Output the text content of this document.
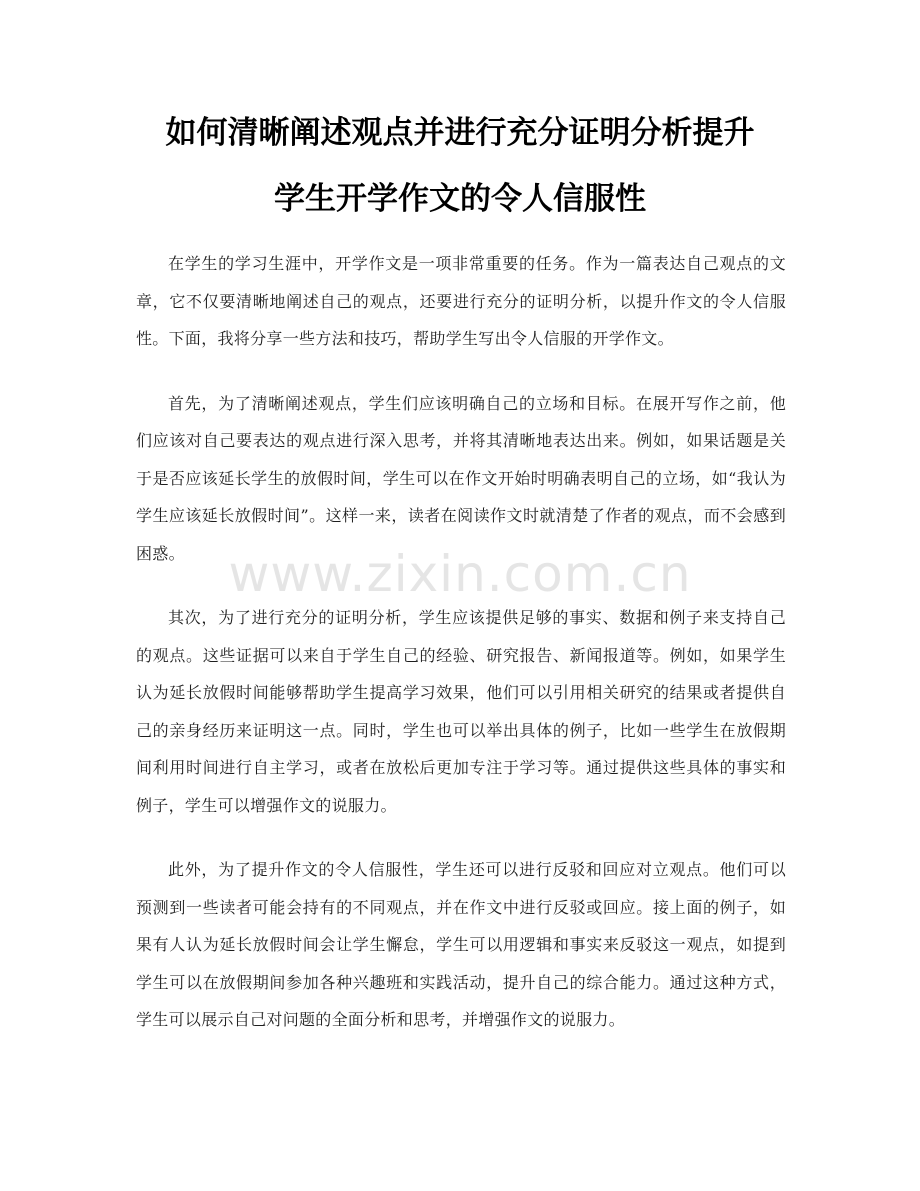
如何清晰阐述观点并进行充分证明分析提升
学生开学作文的令人信服性

在学生的学习生涯中，开学作文是一项非常重要的任务。作为一篇表达自己观点的文章，它不仅要清晰地阐述自己的观点，还要进行充分的证明分析，以提升作文的令人信服性。下面，我将分享一些方法和技巧，帮助学生写出令人信服的开学作文。

首先，为了清晰阐述观点，学生们应该明确自己的立场和目标。在展开写作之前，他们应该对自己要表达的观点进行深入思考，并将其清晰地表达出来。例如，如果话题是关于是否应该延长学生的放假时间，学生可以在作文开始时明确表明自己的立场，如“我认为学生应该延长放假时间”。这样一来，读者在阅读作文时就清楚了作者的观点，而不会感到困惑。

其次，为了进行充分的证明分析，学生应该提供足够的事实、数据和例子来支持自己的观点。这些证据可以来自于学生自己的经验、研究报告、新闻报道等。例如，如果学生认为延长放假时间能够帮助学生提高学习效果，他们可以引用相关研究的结果或者提供自己的亲身经历来证明这一点。同时，学生也可以举出具体的例子，比如一些学生在放假期间利用时间进行自主学习，或者在放松后更加专注于学习等。通过提供这些具体的事实和例子，学生可以增强作文的说服力。

此外，为了提升作文的令人信服性，学生还可以进行反驳和回应对立观点。他们可以预测到一些读者可能会持有的不同观点，并在作文中进行反驳或回应。接上面的例子，如果有人认为延长放假时间会让学生懈怠，学生可以用逻辑和事实来反驳这一观点，如提到学生可以在放假期间参加各种兴趣班和实践活动，提升自己的综合能力。通过这种方式，学生可以展示自己对问题的全面分析和思考，并增强作文的说服力。

www.zixin.com.cn
